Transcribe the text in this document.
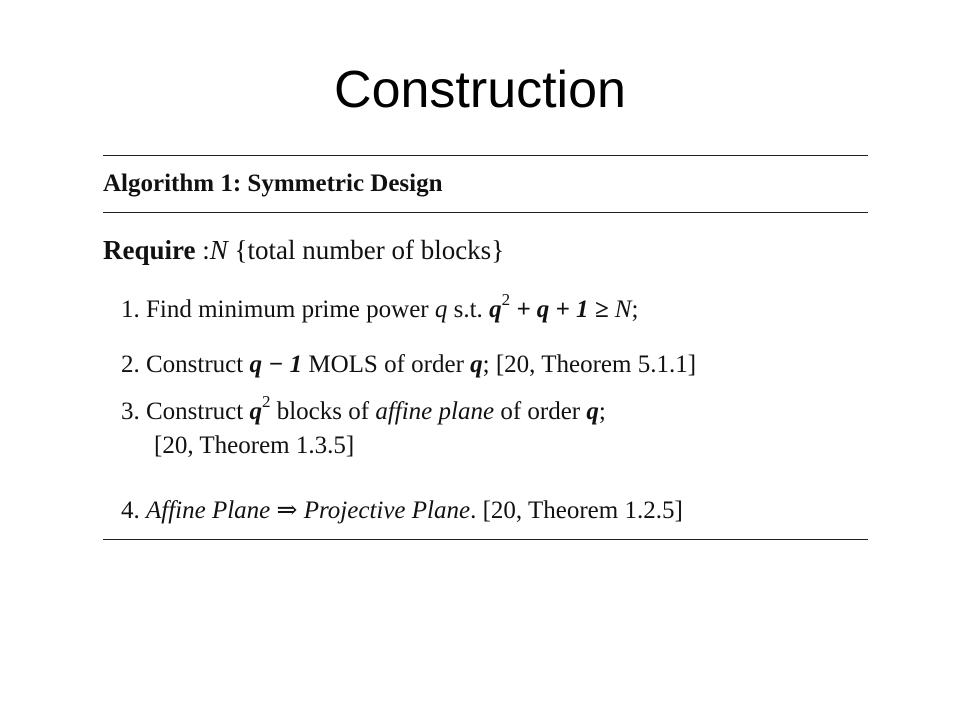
Construction
Algorithm 1: Symmetric Design
Require :N {total number of blocks}
1. Find minimum prime power q s.t. $q^2 + q + 1 \ge N$;
2. Construct q − 1 MOLS of order q; [20, Theorem 5.1.1]
3. Construct $q^2$ blocks of affine plane of order q;
[20, Theorem 1.3.5]
4. Affine Plane ⇒ Projective Plane. [20, Theorem 1.2.5]
